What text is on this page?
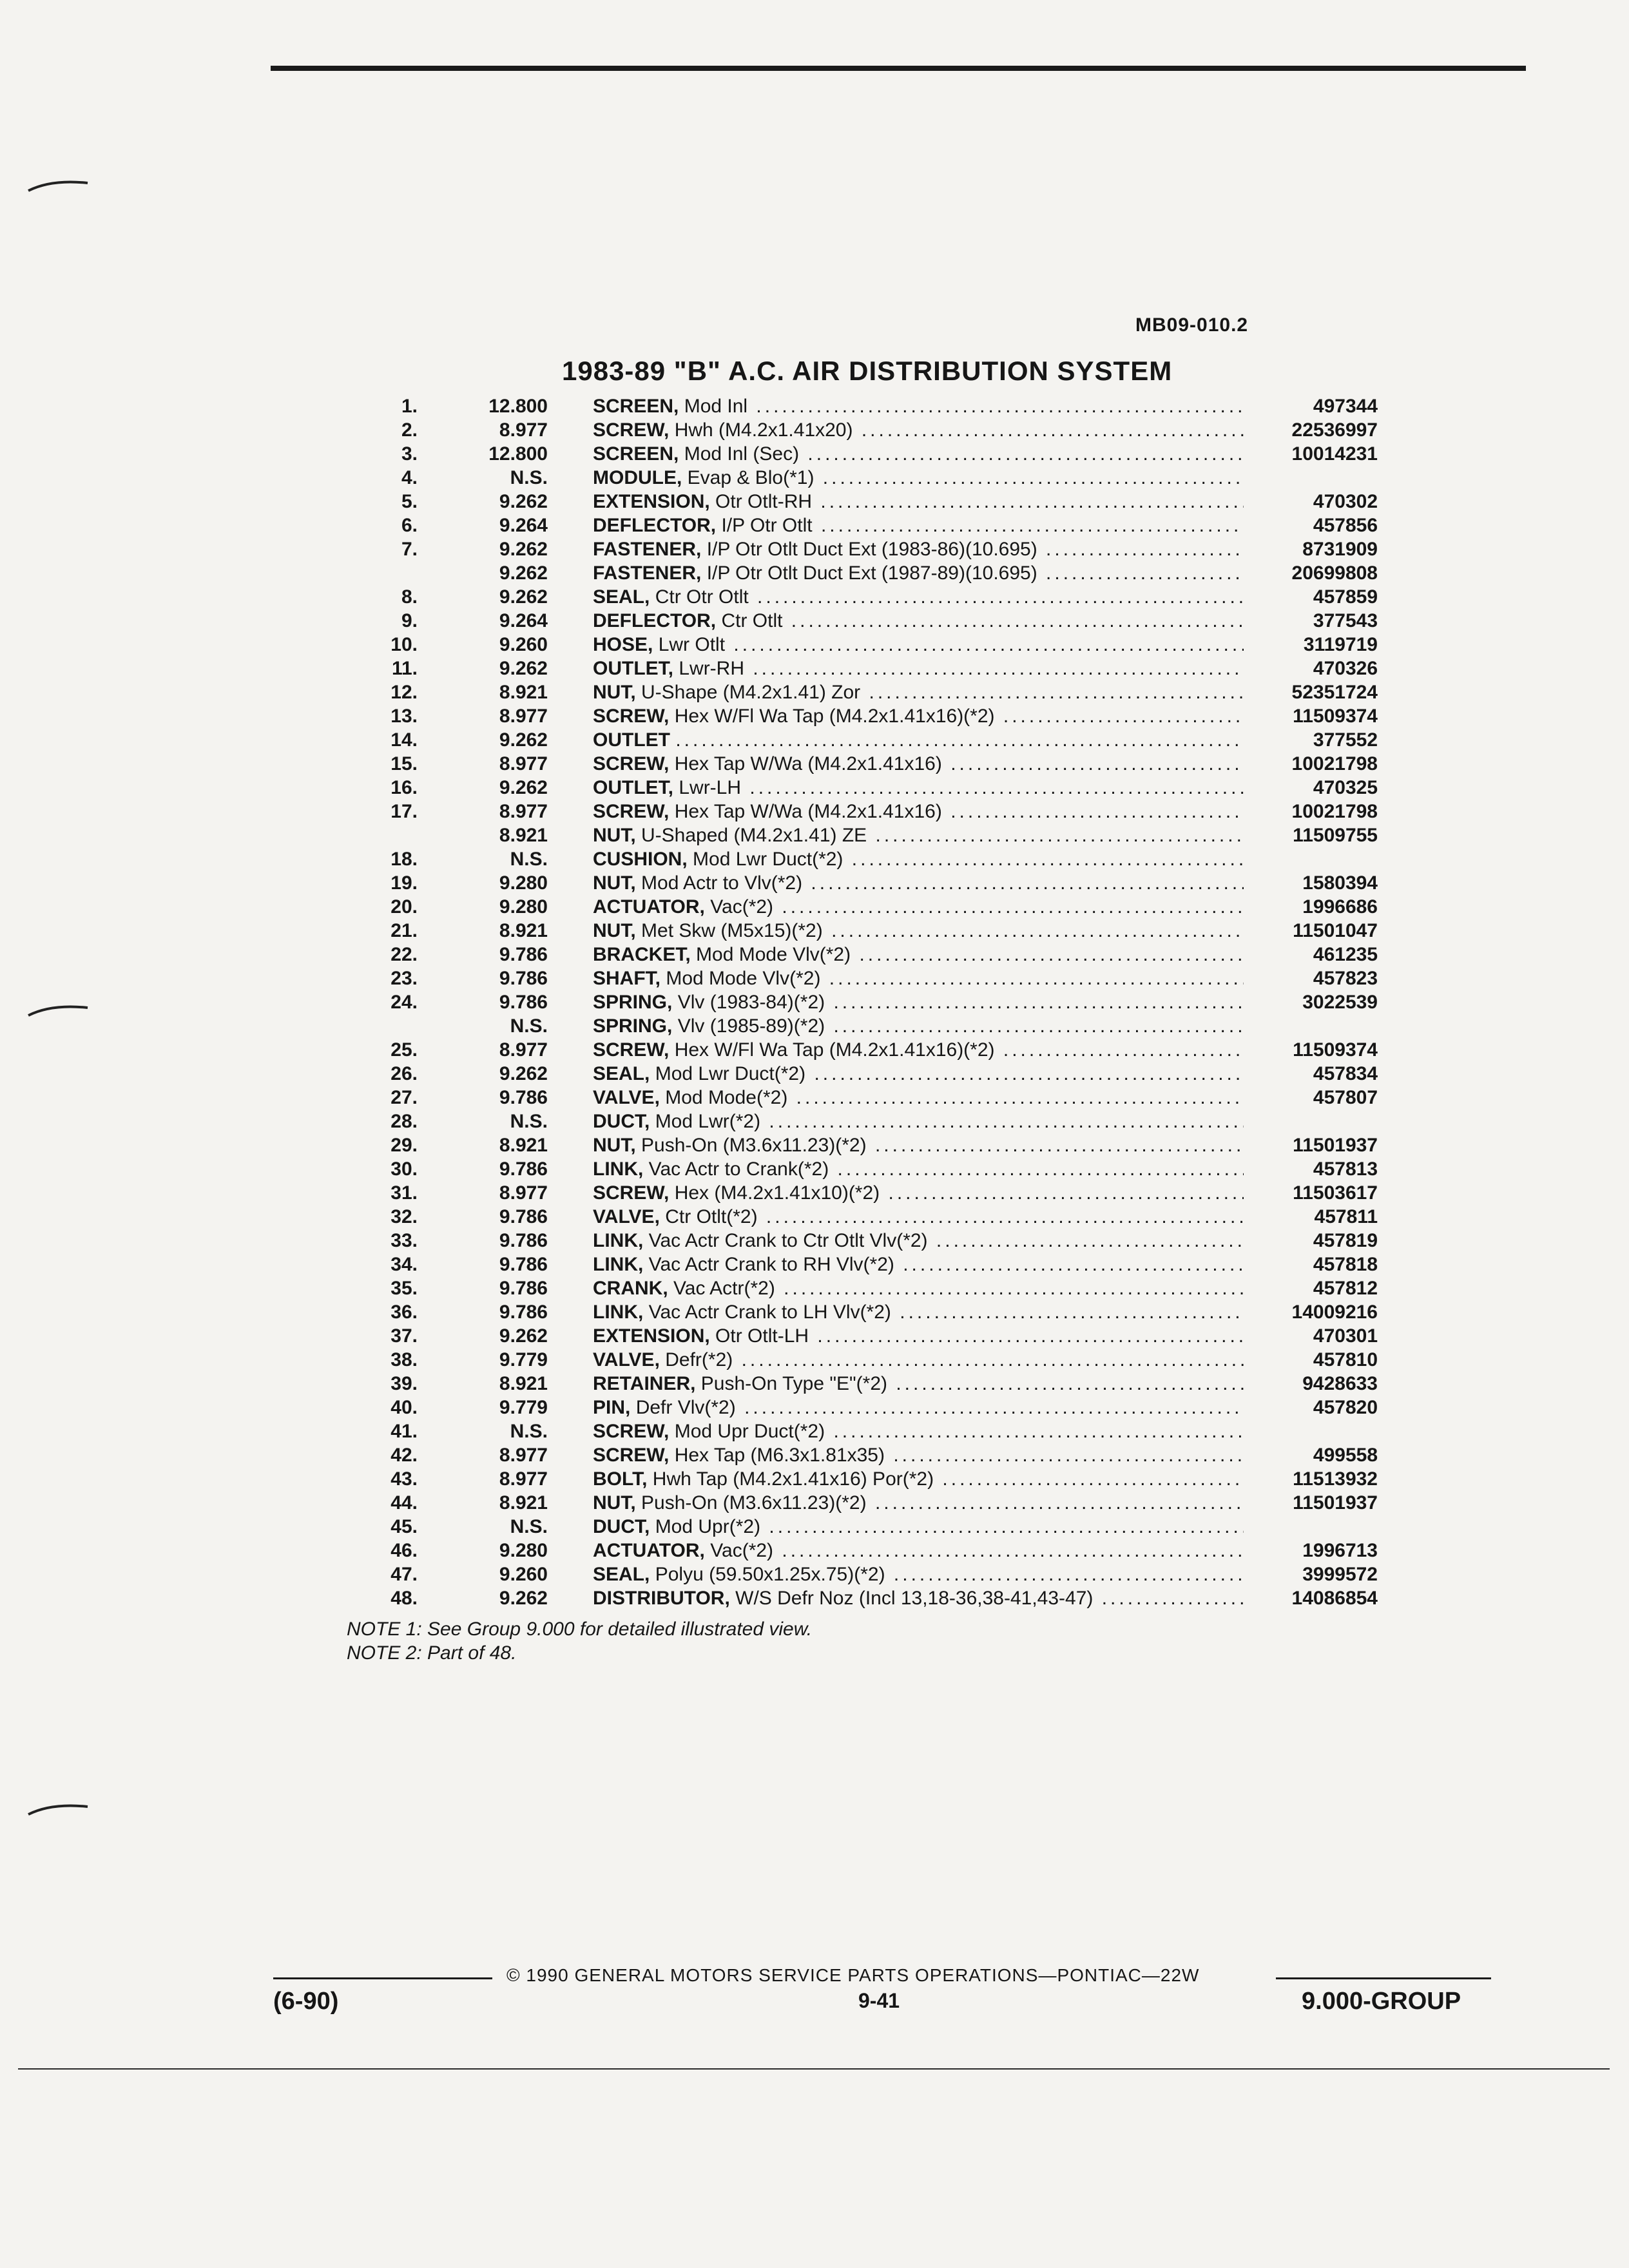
MB09-010.2
1983-89 "B" A.C. AIR DISTRIBUTION SYSTEM
1.	12.800 SCREEN, Mod Inl .....	497344
2.	8.977 SCREW, Hwh (M4.2x1.41x20) .....	22536997
3.	12.800 SCREEN, Mod Inl (Sec) .....	10014231
4.	N.S. MODULE, Evap & Blo(*1) .....
5.	9.262 EXTENSION, Otr Otlt-RH .....	470302
6.	9.264 DEFLECTOR, I/P Otr Otlt .....	457856
7.	9.262 FASTENER, I/P Otr Otlt Duct Ext (1983-86)(10.695) .....	8731909
9.262 FASTENER, I/P Otr Otlt Duct Ext (1987-89)(10.695) .....	20699808
8.	9.262 SEAL, Ctr Otr Otlt .....	457859
9.	9.264 DEFLECTOR, Ctr Otlt .....	377543
10.	9.260 HOSE, Lwr Otlt .....	3119719
11.	9.262 OUTLET, Lwr-RH .....	470326
12.	8.921 NUT, U-Shape (M4.2x1.41) Zor .....	52351724
13.	8.977 SCREW, Hex W/Fl Wa Tap (M4.2x1.41x16)(*2) .....	11509374
14.	9.262 OUTLET .....	377552
15.	8.977 SCREW, Hex Tap W/Wa (M4.2x1.41x16) .....	10021798
16.	9.262 OUTLET, Lwr-LH .....	470325
17.	8.977 SCREW, Hex Tap W/Wa (M4.2x1.41x16) .....	10021798
8.921 NUT, U-Shaped (M4.2x1.41) ZE .....	11509755
18.	N.S. CUSHION, Mod Lwr Duct(*2) .....
19.	9.280 NUT, Mod Actr to Vlv(*2) .....	1580394
20.	9.280 ACTUATOR, Vac(*2) .....	1996686
21.	8.921 NUT, Met Skw (M5x15)(*2) .....	11501047
22.	9.786 BRACKET, Mod Mode Vlv(*2) .....	461235
23.	9.786 SHAFT, Mod Mode Vlv(*2) .....	457823
24.	9.786 SPRING, Vlv (1983-84)(*2) .....	3022539
N.S. SPRING, Vlv (1985-89)(*2) .....
25.	8.977 SCREW, Hex W/Fl Wa Tap (M4.2x1.41x16)(*2) .....	11509374
26.	9.262 SEAL, Mod Lwr Duct(*2) .....	457834
27.	9.786 VALVE, Mod Mode(*2) .....	457807
28.	N.S. DUCT, Mod Lwr(*2) .....
29.	8.921 NUT, Push-On (M3.6x11.23)(*2) .....	11501937
30.	9.786 LINK, Vac Actr to Crank(*2) .....	457813
31.	8.977 SCREW, Hex (M4.2x1.41x10)(*2) .....	11503617
32.	9.786 VALVE, Ctr Otlt(*2) .....	457811
33.	9.786 LINK, Vac Actr Crank to Ctr Otlt Vlv(*2) .....	457819
34.	9.786 LINK, Vac Actr Crank to RH Vlv(*2) .....	457818
35.	9.786 CRANK, Vac Actr(*2) .....	457812
36.	9.786 LINK, Vac Actr Crank to LH Vlv(*2) .....	14009216
37.	9.262 EXTENSION, Otr Otlt-LH .....	470301
38.	9.779 VALVE, Defr(*2) .....	457810
39.	8.921 RETAINER, Push-On Type "E"(*2) .....	9428633
40.	9.779 PIN, Defr Vlv(*2) .....	457820
41.	N.S. SCREW, Mod Upr Duct(*2) .....
42.	8.977 SCREW, Hex Tap (M6.3x1.81x35) .....	499558
43.	8.977 BOLT, Hwh Tap (M4.2x1.41x16) Por(*2) .....	11513932
44.	8.921 NUT, Push-On (M3.6x11.23)(*2) .....	11501937
45.	N.S. DUCT, Mod Upr(*2) .....
46.	9.280 ACTUATOR, Vac(*2) .....	1996713
47.	9.260 SEAL, Polyu (59.50x1.25x.75)(*2) .....	3999572
48.	9.262 DISTRIBUTOR, W/S Defr Noz (Incl 13,18-36,38-41,43-47) .....	14086854
NOTE 1: See Group 9.000 for detailed illustrated view.
NOTE 2: Part of 48.
© 1990 GENERAL MOTORS SERVICE PARTS OPERATIONS—PONTIAC—22W
(6-90)	9-41	9.000-GROUP
